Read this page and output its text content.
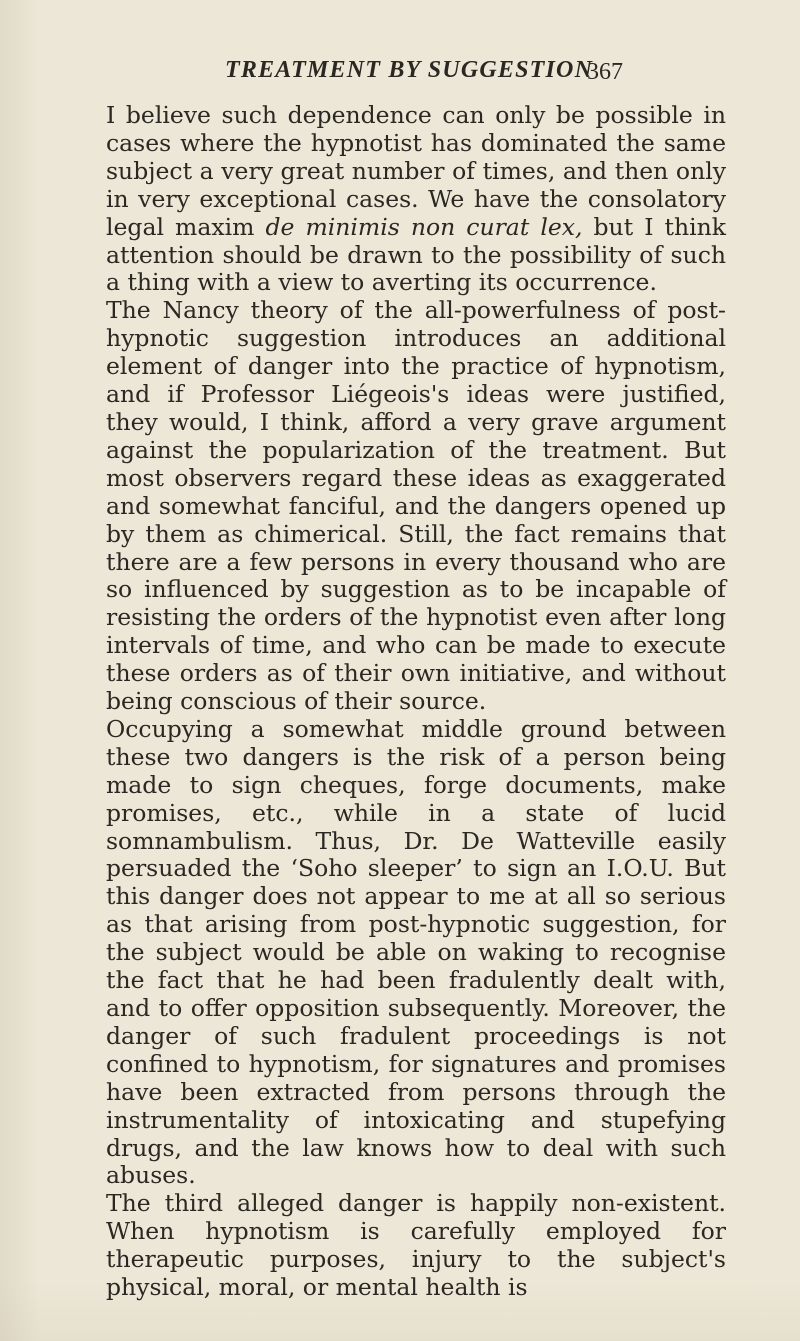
TREATMENT BY SUGGESTION
367

I believe such dependence can only be possible in cases where the hypnotist has dominated the same subject a very great number of times, and then only in very exceptional cases. We have the consolatory legal maxim de minimis non curat lex, but I think attention should be drawn to the possibility of such a thing with a view to averting its occurrence.

The Nancy theory of the all-powerfulness of post-hypnotic suggestion introduces an additional element of danger into the practice of hypnotism, and if Professor Liégeois's ideas were justified, they would, I think, afford a very grave argument against the popularization of the treatment. But most observers regard these ideas as exaggerated and somewhat fanciful, and the dangers opened up by them as chimerical. Still, the fact remains that there are a few persons in every thousand who are so influenced by suggestion as to be incapable of resisting the orders of the hypnotist even after long intervals of time, and who can be made to execute these orders as of their own initiative, and without being conscious of their source.

Occupying a somewhat middle ground between these two dangers is the risk of a person being made to sign cheques, forge documents, make promises, etc., while in a state of lucid somnambulism. Thus, Dr. De Watteville easily persuaded the ‘Soho sleeper’ to sign an I.O.U. But this danger does not appear to me at all so serious as that arising from post-hypnotic suggestion, for the subject would be able on waking to recognise the fact that he had been fradulently dealt with, and to offer opposition subsequently. Moreover, the danger of such fradulent proceedings is not confined to hypnotism, for signatures and promises have been extracted from persons through the instrumentality of intoxicating and stupefying drugs, and the law knows how to deal with such abuses.

The third alleged danger is happily non-existent. When hypnotism is carefully employed for therapeutic purposes, injury to the subject's physical, moral, or mental health is
